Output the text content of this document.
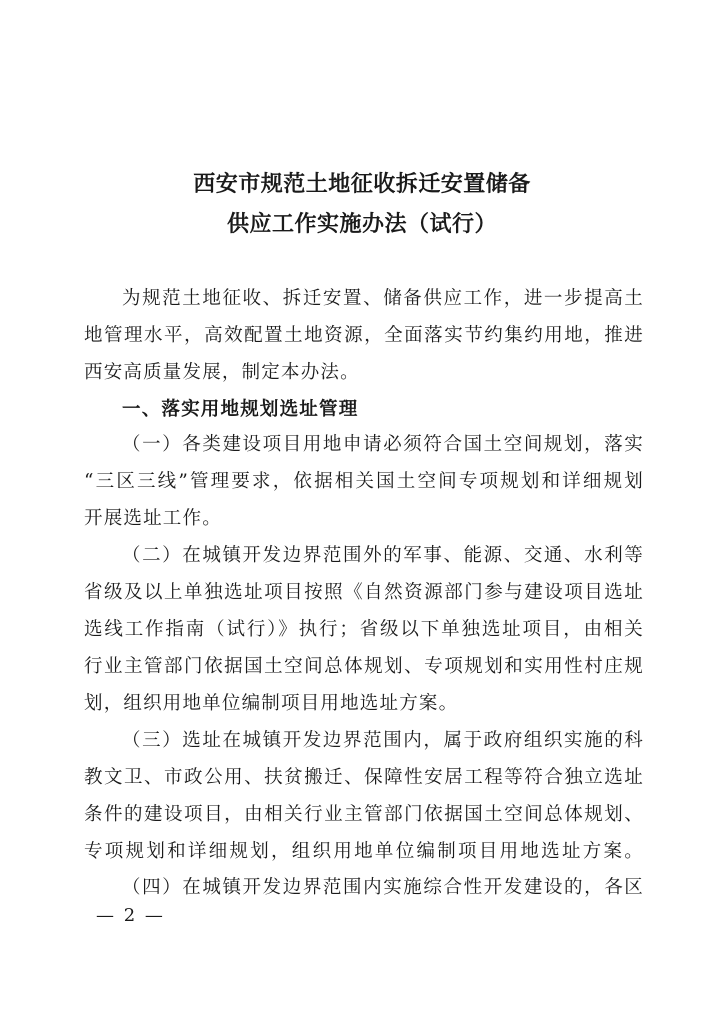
西安市规范土地征收拆迁安置储备
供应工作实施办法（试行）
为规范土地征收、拆迁安置、储备供应工作，进一步提高土
地管理水平，高效配置土地资源，全面落实节约集约用地，推进
西安高质量发展，制定本办法。
一、落实用地规划选址管理
（一）各类建设项目用地申请必须符合国土空间规划，落实
“三区三线”管理要求，依据相关国土空间专项规划和详细规划
开展选址工作。
（二）在城镇开发边界范围外的军事、能源、交通、水利等
省级及以上单独选址项目按照《自然资源部门参与建设项目选址
选线工作指南（试行）》执行；省级以下单独选址项目，由相关
行业主管部门依据国土空间总体规划、专项规划和实用性村庄规
划，组织用地单位编制项目用地选址方案。
（三）选址在城镇开发边界范围内，属于政府组织实施的科
教文卫、市政公用、扶贫搬迁、保障性安居工程等符合独立选址
条件的建设项目，由相关行业主管部门依据国土空间总体规划、
专项规划和详细规划，组织用地单位编制项目用地选址方案。
（四）在城镇开发边界范围内实施综合性开发建设的，各区
— 2 —
